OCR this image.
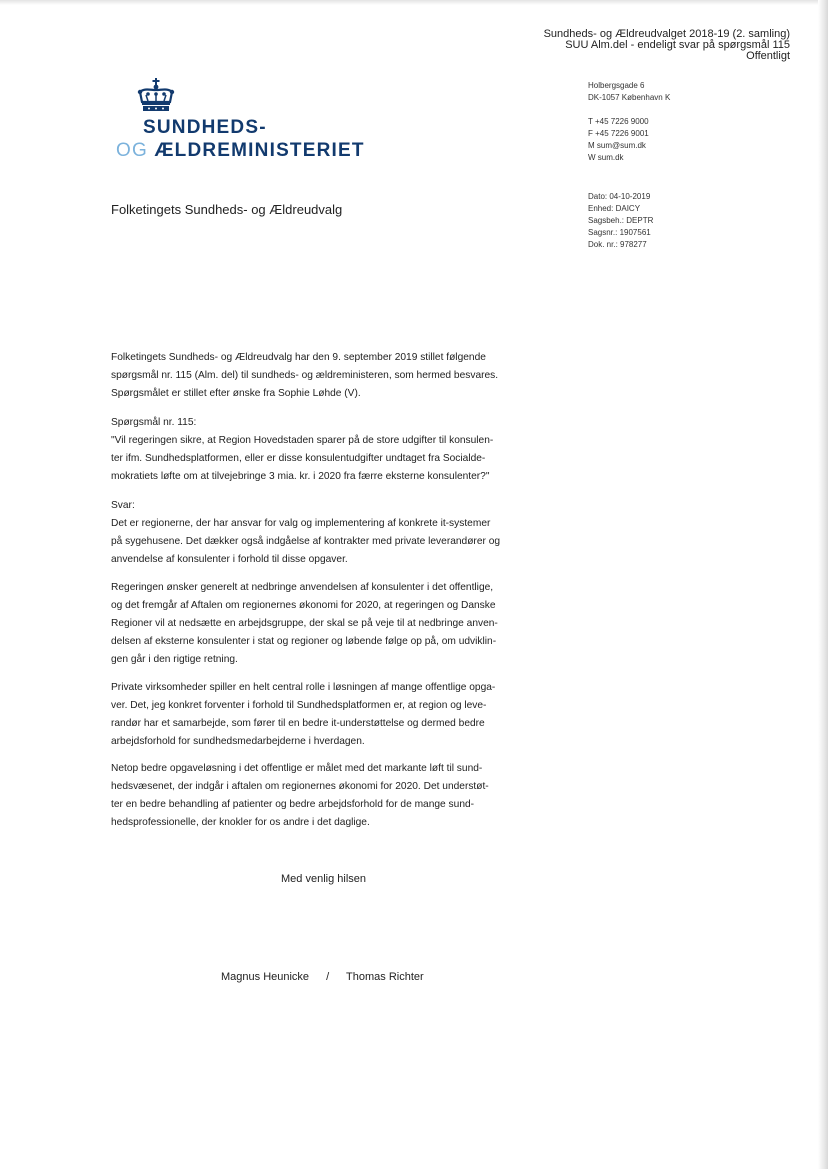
Sundheds- og Ældreudvalget 2018-19 (2. samling)
SUU Alm.del - endeligt svar på spørgsmål 115
Offentligt
SUNDHEDS-
OG ÆLDREMINISTERIET
Holbergsgade 6
DK-1057 København K
T +45 7226 9000
F +45 7226 9001
M sum@sum.dk
W sum.dk
Dato: 04-10-2019
Enhed: DAICY
Sagsbeh.: DEPTR
Sagsnr.: 1907561
Dok. nr.: 978277
Folketingets Sundheds- og Ældreudvalg
Folketingets Sundheds- og Ældreudvalg har den 9. september 2019 stillet følgende
spørgsmål nr. 115 (Alm. del) til sundheds- og ældreministeren, som hermed besvares.
Spørgsmålet er stillet efter ønske fra Sophie Løhde (V).
Spørgsmål nr. 115:
"Vil regeringen sikre, at Region Hovedstaden sparer på de store udgifter til konsulen-
ter ifm. Sundhedsplatformen, eller er disse konsulentudgifter undtaget fra Socialde-
mokratiets løfte om at tilvejebringe 3 mia. kr. i 2020 fra færre eksterne konsulenter?"
Svar:
Det er regionerne, der har ansvar for valg og implementering af konkrete it-systemer
på sygehusene. Det dækker også indgåelse af kontrakter med private leverandører og
anvendelse af konsulenter i forhold til disse opgaver.
Regeringen ønsker generelt at nedbringe anvendelsen af konsulenter i det offentlige,
og det fremgår af Aftalen om regionernes økonomi for 2020, at regeringen og Danske
Regioner vil at nedsætte en arbejdsgruppe, der skal se på veje til at nedbringe anven-
delsen af eksterne konsulenter i stat og regioner og løbende følge op på, om udviklin-
gen går i den rigtige retning.
Private virksomheder spiller en helt central rolle i løsningen af mange offentlige opga-
ver. Det, jeg konkret forventer i forhold til Sundhedsplatformen er, at region og leve-
randør har et samarbejde, som fører til en bedre it-understøttelse og dermed bedre
arbejdsforhold for sundhedsmedarbejderne i hverdagen.
Netop bedre opgaveløsning i det offentlige er målet med det markante løft til sund-
hedsvæsenet, der indgår i aftalen om regionernes økonomi for 2020. Det understøt-
ter en bedre behandling af patienter og bedre arbejdsforhold for de mange sund-
hedsprofessionelle, der knokler for os andre i det daglige.
Med venlig hilsen
Magnus Heunicke / Thomas Richter
